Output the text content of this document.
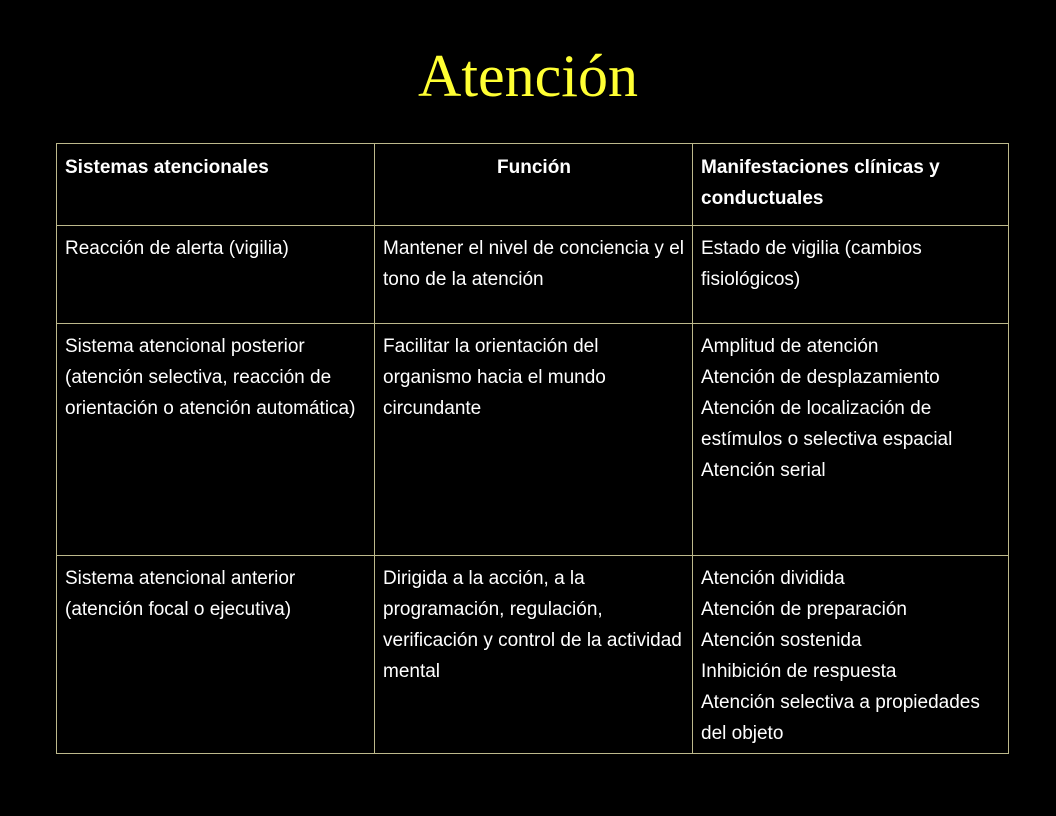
Atención
Sistemas atencionales	Función	Manifestaciones clínicas y conductuales
Reacción de alerta (vigilia)	Mantener el nivel de conciencia y el tono de la atención	Estado de vigilia (cambios fisiológicos)

Sistema atencional posterior (atención selectiva, reacción de orientación o atención automática)	Facilitar la orientación del organismo hacia el mundo circundante	Amplitud de atención
Atención de desplazamiento
Atención de localización de estímulos o selectiva espacial
Atención serial

Sistema atencional anterior (atención focal o ejecutiva)	Dirigida a la acción, a la programación, regulación, verificación y control de la actividad mental	Atención dividida
Atención de preparación
Atención sostenida
Inhibición de respuesta
Atención selectiva a propiedades del objeto
